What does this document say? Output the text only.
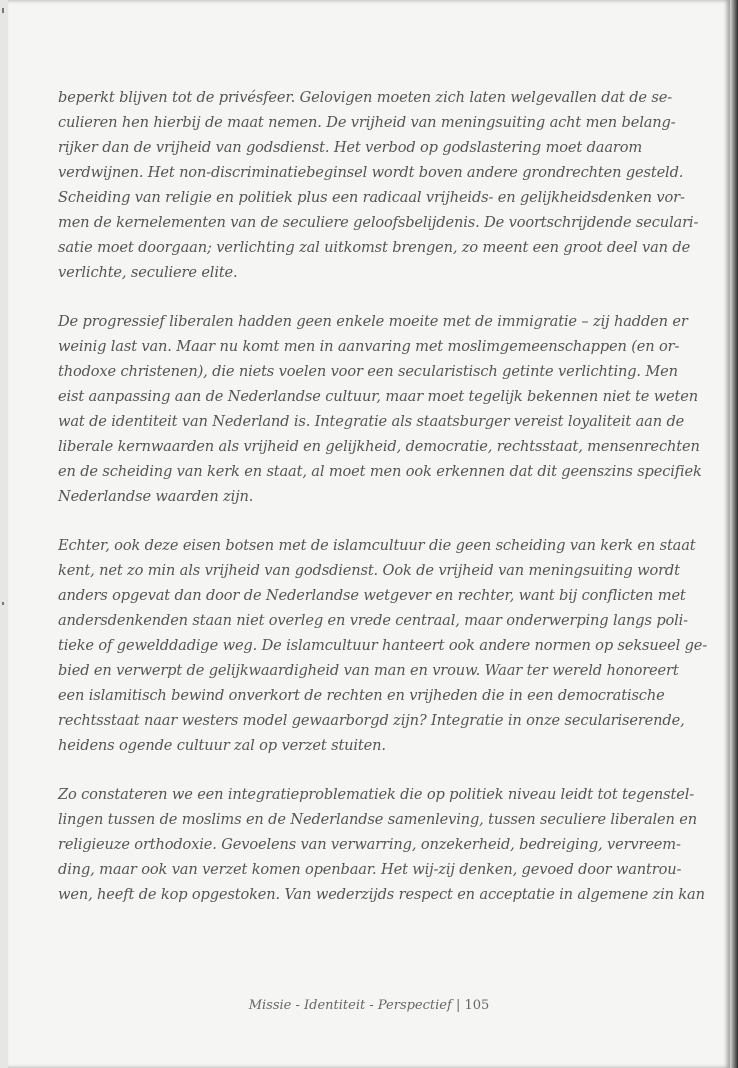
beperkt blijven tot de privésfeer. Gelovigen moeten zich laten welgevallen dat de se-
culieren hen hierbij de maat nemen. De vrijheid van meningsuiting acht men belang-
rijker dan de vrijheid van godsdienst. Het verbod op godslastering moet daarom
verdwijnen. Het non-discriminatiebeginsel wordt boven andere grondrechten gesteld.
Scheiding van religie en politiek plus een radicaal vrijheids- en gelijkheidsdenken vor-
men de kernelementen van de seculiere geloofsbelijdenis. De voortschrijdende seculari-
satie moet doorgaan; verlichting zal uitkomst brengen, zo meent een groot deel van de
verlichte, seculiere elite.

De progressief liberalen hadden geen enkele moeite met de immigratie – zij hadden er
weinig last van. Maar nu komt men in aanvaring met moslimgemeenschappen (en or-
thodoxe christenen), die niets voelen voor een secularistisch getinte verlichting. Men
eist aanpassing aan de Nederlandse cultuur, maar moet tegelijk bekennen niet te weten
wat de identiteit van Nederland is. Integratie als staatsburger vereist loyaliteit aan de
liberale kernwaarden als vrijheid en gelijkheid, democratie, rechtsstaat, mensenrechten
en de scheiding van kerk en staat, al moet men ook erkennen dat dit geenszins specifiek
Nederlandse waarden zijn.

Echter, ook deze eisen botsen met de islamcultuur die geen scheiding van kerk en staat
kent, net zo min als vrijheid van godsdienst. Ook de vrijheid van meningsuiting wordt
anders opgevat dan door de Nederlandse wetgever en rechter, want bij conflicten met
andersdenkenden staan niet overleg en vrede centraal, maar onderwerping langs poli-
tieke of gewelddadige weg. De islamcultuur hanteert ook andere normen op seksueel ge-
bied en verwerpt de gelijkwaardigheid van man en vrouw. Waar ter wereld honoreert
een islamitisch bewind onverkort de rechten en vrijheden die in een democratische
rechtsstaat naar westers model gewaarborgd zijn? Integratie in onze seculariserende,
heidens ogende cultuur zal op verzet stuiten.

Zo constateren we een integratieproblematiek die op politiek niveau leidt tot tegenstel-
lingen tussen de moslims en de Nederlandse samenleving, tussen seculiere liberalen en
religieuze orthodoxie. Gevoelens van verwarring, onzekerheid, bedreiging, vervreem-
ding, maar ook van verzet komen openbaar. Het wij-zij denken, gevoed door wantrou-
wen, heeft de kop opgestoken. Van wederzijds respect en acceptatie in algemene zin kan

Missie - Identiteit - Perspectief | 105
